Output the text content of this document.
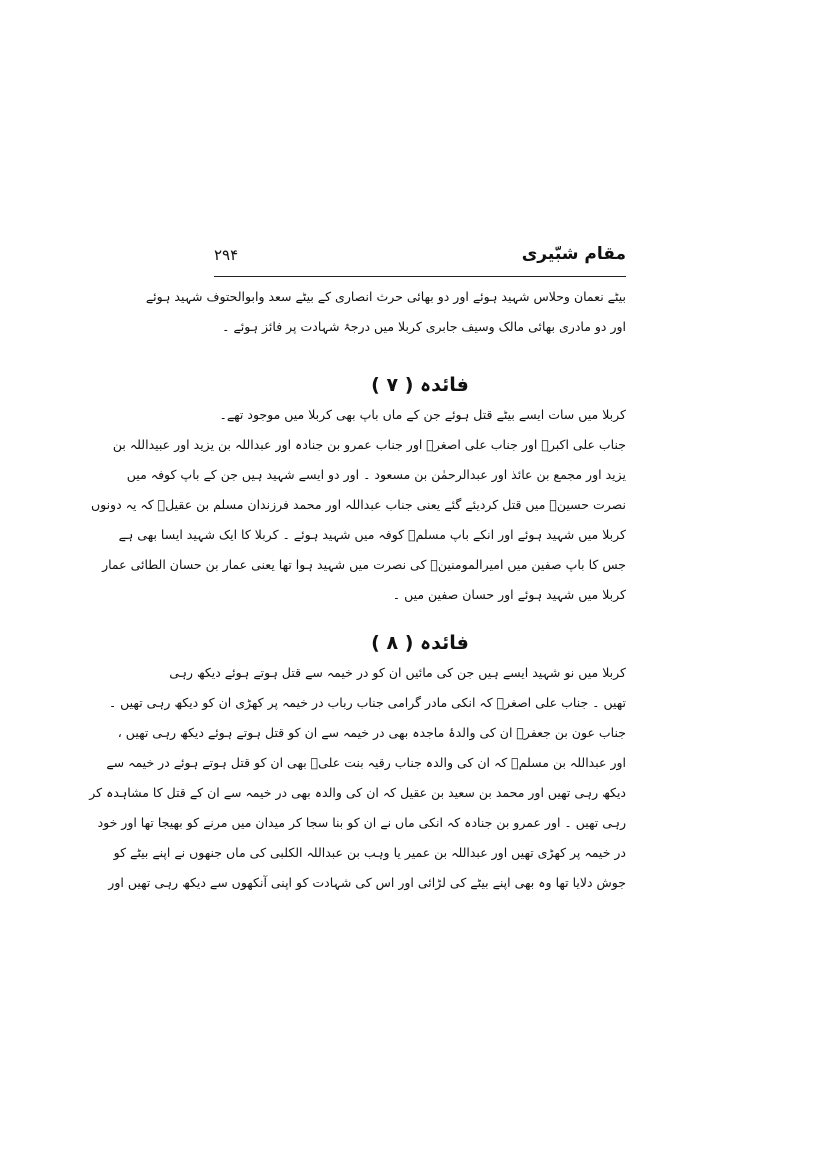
مقام شبّیری
۲۹۴
بیٹے نعمان وحلاس شہید ہوئے اور دو بھائی حرث انصاری کے بیٹے سعد وابوالحتوف شہید ہوئے
اور دو مادری بھائی مالک وسیف جابری کربلا میں درجۂ شہادت پر فائز ہوئے ۔
فائدہ ( ۷ )
کربلا میں سات ایسے بیٹے قتل ہوئے جن کے ماں باپ بھی کربلا میں موجود تھے۔
جناب علی اکبرؑ اور جناب علی اصغرؑ اور جناب عمرو بن جنادہ اور عبداللہ بن یزید اور عبیداللہ بن
یزید اور مجمع بن عائذ اور عبدالرحمٰن بن مسعود ۔ اور دو ایسے شہید ہیں جن کے باپ کوفہ میں
نصرت حسینؑ میں قتل کردیئے گئے یعنی جناب عبداللہ اور محمد فرزندان مسلم بن عقیلؑ کہ یہ دونوں
کربلا میں شہید ہوئے اور انکے باپ مسلمؑ کوفہ میں شہید ہوئے ۔ کربلا کا ایک شہید ایسا بھی ہے
جس کا باپ صفین میں امیرالمومنینؑ کی نصرت میں شہید ہوا تھا یعنی عمار بن حسان الطائی عمار
کربلا میں شہید ہوئے اور حسان صفین میں ۔
فائدہ ( ۸ )
کربلا میں نو شہید ایسے ہیں جن کی مائیں ان کو در خیمہ سے قتل ہوتے ہوئے دیکھ رہی
تھیں ۔ جناب علی اصغرؑ کہ انکی مادر گرامی جناب رباب در خیمہ پر کھڑی ان کو دیکھ رہی تھیں ۔
جناب عون بن جعفرؑ ان کی والدۂ ماجدہ بھی در خیمہ سے ان کو قتل ہوتے ہوئے دیکھ رہی تھیں ،
اور عبداللہ بن مسلمؑ کہ ان کی والدہ جناب رقیہ بنت علیؑ بھی ان کو قتل ہوتے ہوئے در خیمہ سے
دیکھ رہی تھیں اور محمد بن سعید بن عقیل کہ ان کی والدہ بھی در خیمہ سے ان کے قتل کا مشاہدہ کر
رہی تھیں ۔ اور عمرو بن جنادہ کہ انکی ماں نے ان کو بنا سجا کر میدان میں مرنے کو بھیجا تھا اور خود
در خیمہ پر کھڑی تھیں اور عبداللہ بن عمیر یا وہب بن عبداللہ الکلبی کی ماں جنھوں نے اپنے بیٹے کو
جوش دلایا تھا وہ بھی اپنے بیٹے کی لڑائی اور اس کی شہادت کو اپنی آنکھوں سے دیکھ رہی تھیں اور
